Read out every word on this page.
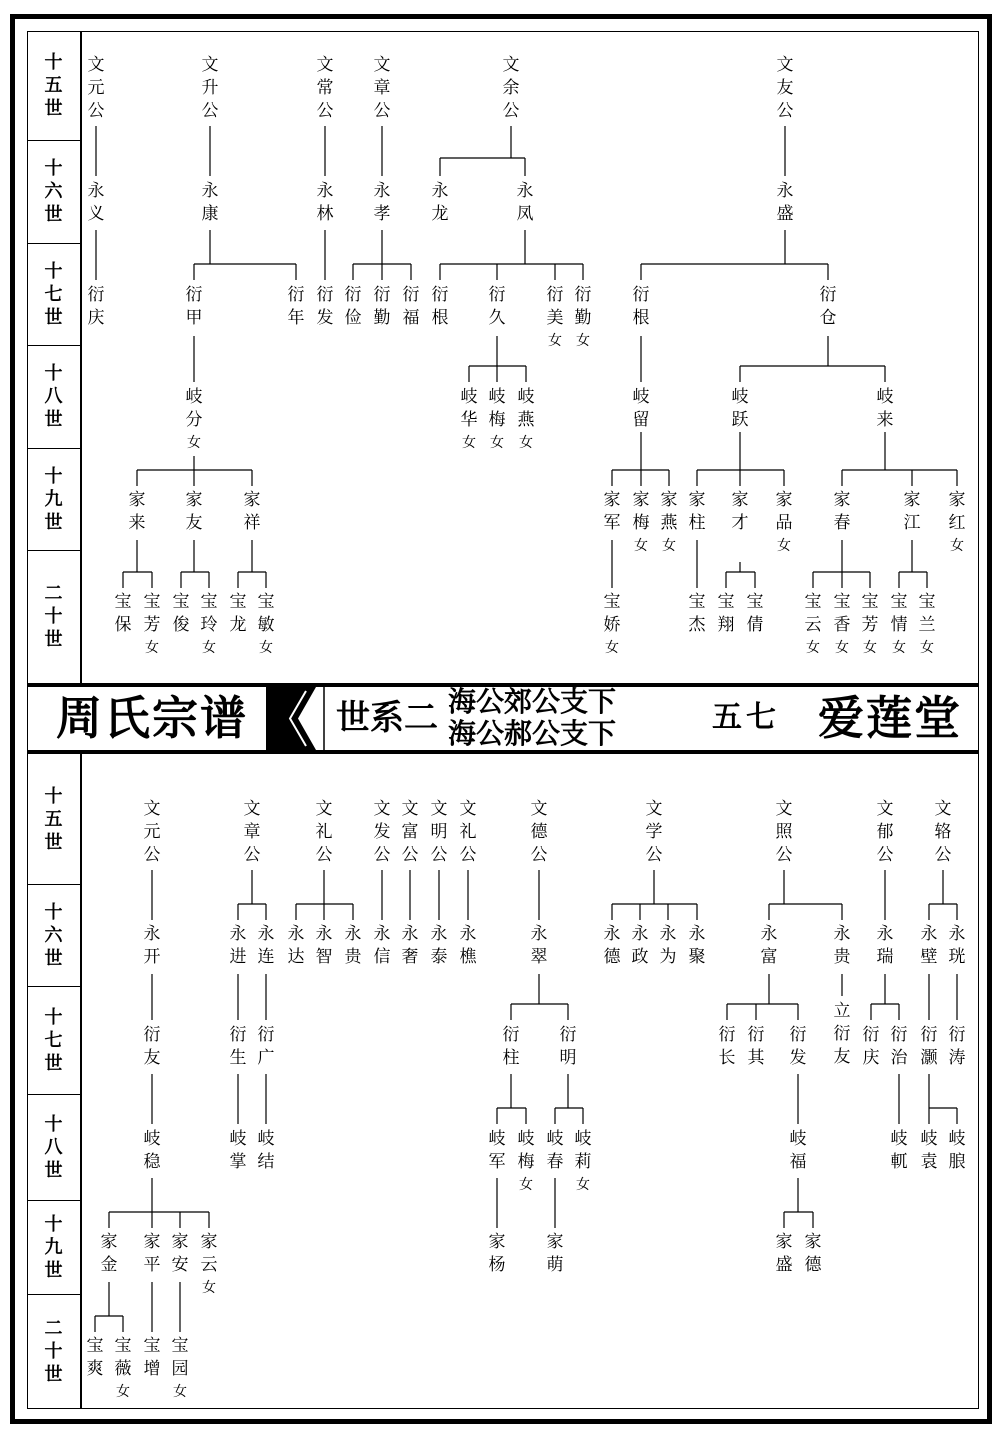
十
五
世
十
六
世
十
七
世
十
八
世
十
九
世
二
十
世
十
五
世
十
六
世
十
七
世
十
八
世
十
九
世
二
十
世
周氏宗谱	世系二 海公郊公支下
海公郝公支下	五七 爱莲堂
文
元
公
文
升
公
文
常
公
文
章
公
文
余
公
文
友
公
永
义
永
康
永
林
永
孝
永
龙
永
凤
永
盛
衍
庆
衍
甲
衍
年
衍
发
衍
俭
衍
勤
衍
福
衍
根
衍
久
衍
美
女
衍
勤
女
衍
根
衍
仓
岐
分
女
岐
华
女
岐
梅
女
岐
燕
女
岐
留
岐
跃
岐
来
家
来
家
友
家
祥
家
军
家
梅
女
家
燕
女
家
柱
家
才
家
品
女
家
春
家
江
家
红
女
宝
保
宝
芳
女
宝
俊
宝
玲
女
宝
龙
宝
敏
女
宝
娇
女
宝
杰
宝
翔
宝
倩
宝
云
女
宝
香
女
宝
芳
女
宝
情
女
宝
兰
女
文
元
公
文
章
公
文
礼
公
文
发
公
文
富
公
文
明
公
文
礼
公
文
德
公
文
学
公
文
照
公
文
郁
公
文
辂
公
永
开
永
进
永
连
永
达
永
智
永
贵
永
信
永
奢
永
泰
永
樵
永
翠
永
德
永
政
永
为
永
聚
永
富
永
贵
永
瑞
永
壁
永
珖
衍
友
衍
生
衍
广
衍
柱
衍
明
衍
长
衍
其
衍
发
立
衍
友
衍
庆
衍
治
衍
灏
衍
涛
岐
稳
岐
掌
岐
结
岐
军
岐
梅
女
岐
春
岐
莉
女
岐
福
岐
軏
岐
袁
岐
朖
家
金
家
平
家
安
家
云
女
家
杨
家
萌
家
盛
家
德
宝
爽
宝
薇
女
宝
增
宝
园
女
